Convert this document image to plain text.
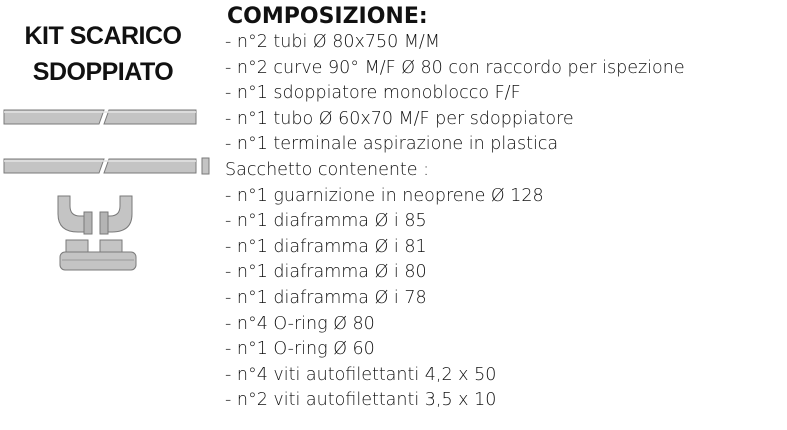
KIT SCARICO
SDOPPIATO
COMPOSIZIONE:
- n°2 tubi Ø 80x750 M/M
- n°2 curve 90° M/F Ø 80 con raccordo per ispezione
- n°1 sdoppiatore monoblocco F/F
- n°1 tubo Ø 60x70 M/F per sdoppiatore
- n°1 terminale aspirazione in plastica
Sacchetto contenente :
- n°1 guarnizione in neoprene Ø 128
- n°1 diaframma Ø i 85
- n°1 diaframma Ø i 81
- n°1 diaframma Ø i 80
- n°1 diaframma Ø i 78
- n°4 O-ring Ø 80
- n°1 O-ring Ø 60
- n°4 viti autofilettanti 4,2 x 50
- n°2 viti autofilettanti 3,5 x 10
